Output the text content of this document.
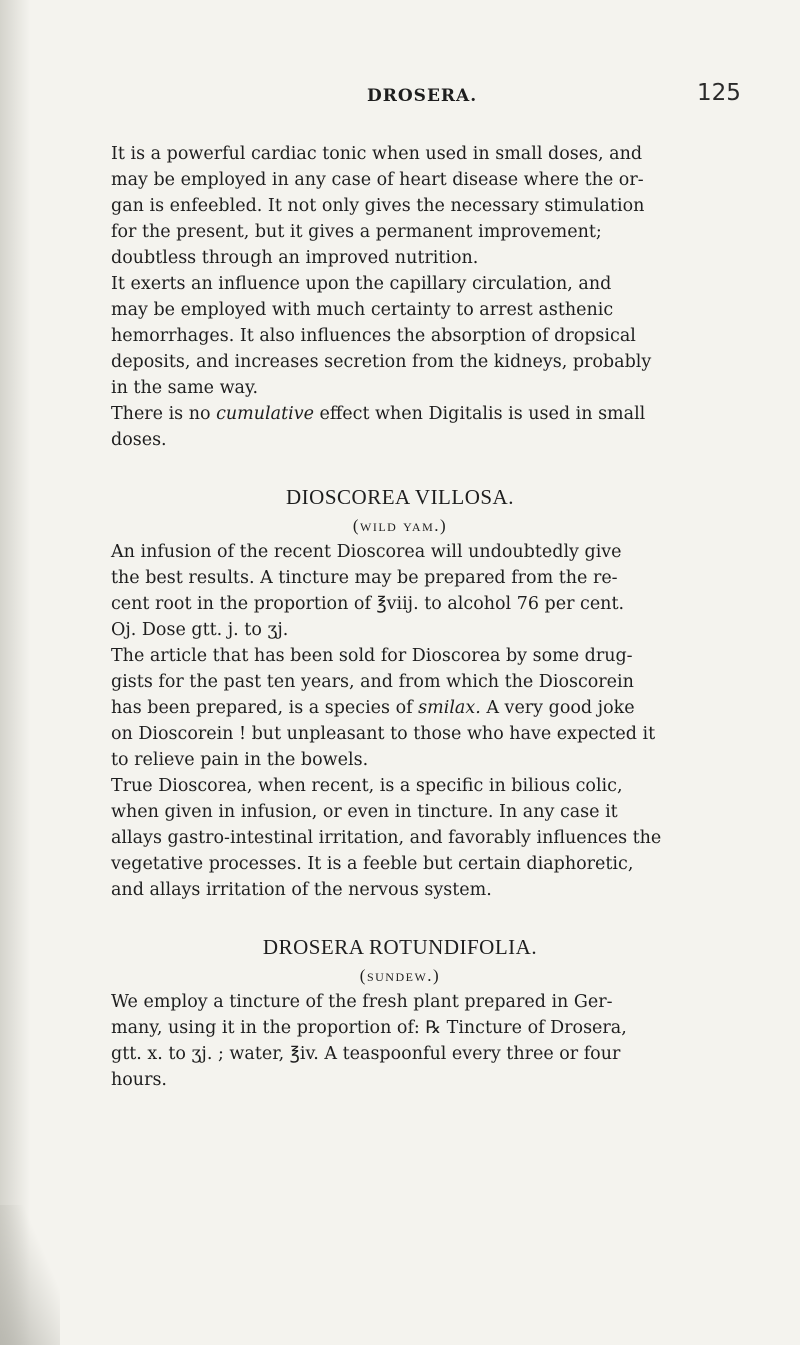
DROSERA.	125
It is a powerful cardiac tonic when used in small doses, and
may be employed in any case of heart disease where the or-
gan is enfeebled. It not only gives the necessary stimulation
for the present, but it gives a permanent improvement;
doubtless through an improved nutrition.
It exerts an influence upon the capillary circulation, and
may be employed with much certainty to arrest asthenic
hemorrhages. It also influences the absorption of dropsical
deposits, and increases secretion from the kidneys, probably
in the same way.
There is no cumulative effect when Digitalis is used in small
doses.
DIOSCOREA VILLOSA.
(wild yam.)
An infusion of the recent Dioscorea will undoubtedly give
the best results. A tincture may be prepared from the re-
cent root in the proportion of ℥viij. to alcohol 76 per cent.
Oj. Dose gtt. j. to ʒj.
The article that has been sold for Dioscorea by some drug-
gists for the past ten years, and from which the Dioscorein
has been prepared, is a species of smilax. A very good joke
on Dioscorein ! but unpleasant to those who have expected it
to relieve pain in the bowels.
True Dioscorea, when recent, is a specific in bilious colic,
when given in infusion, or even in tincture. In any case it
allays gastro-intestinal irritation, and favorably influences the
vegetative processes. It is a feeble but certain diaphoretic,
and allays irritation of the nervous system.
DROSERA ROTUNDIFOLIA.
(sundew.)
We employ a tincture of the fresh plant prepared in Ger-
many, using it in the proportion of: ℞ Tincture of Drosera,
gtt. x. to ʒj. ; water, ℥iv. A teaspoonful every three or four
hours.
